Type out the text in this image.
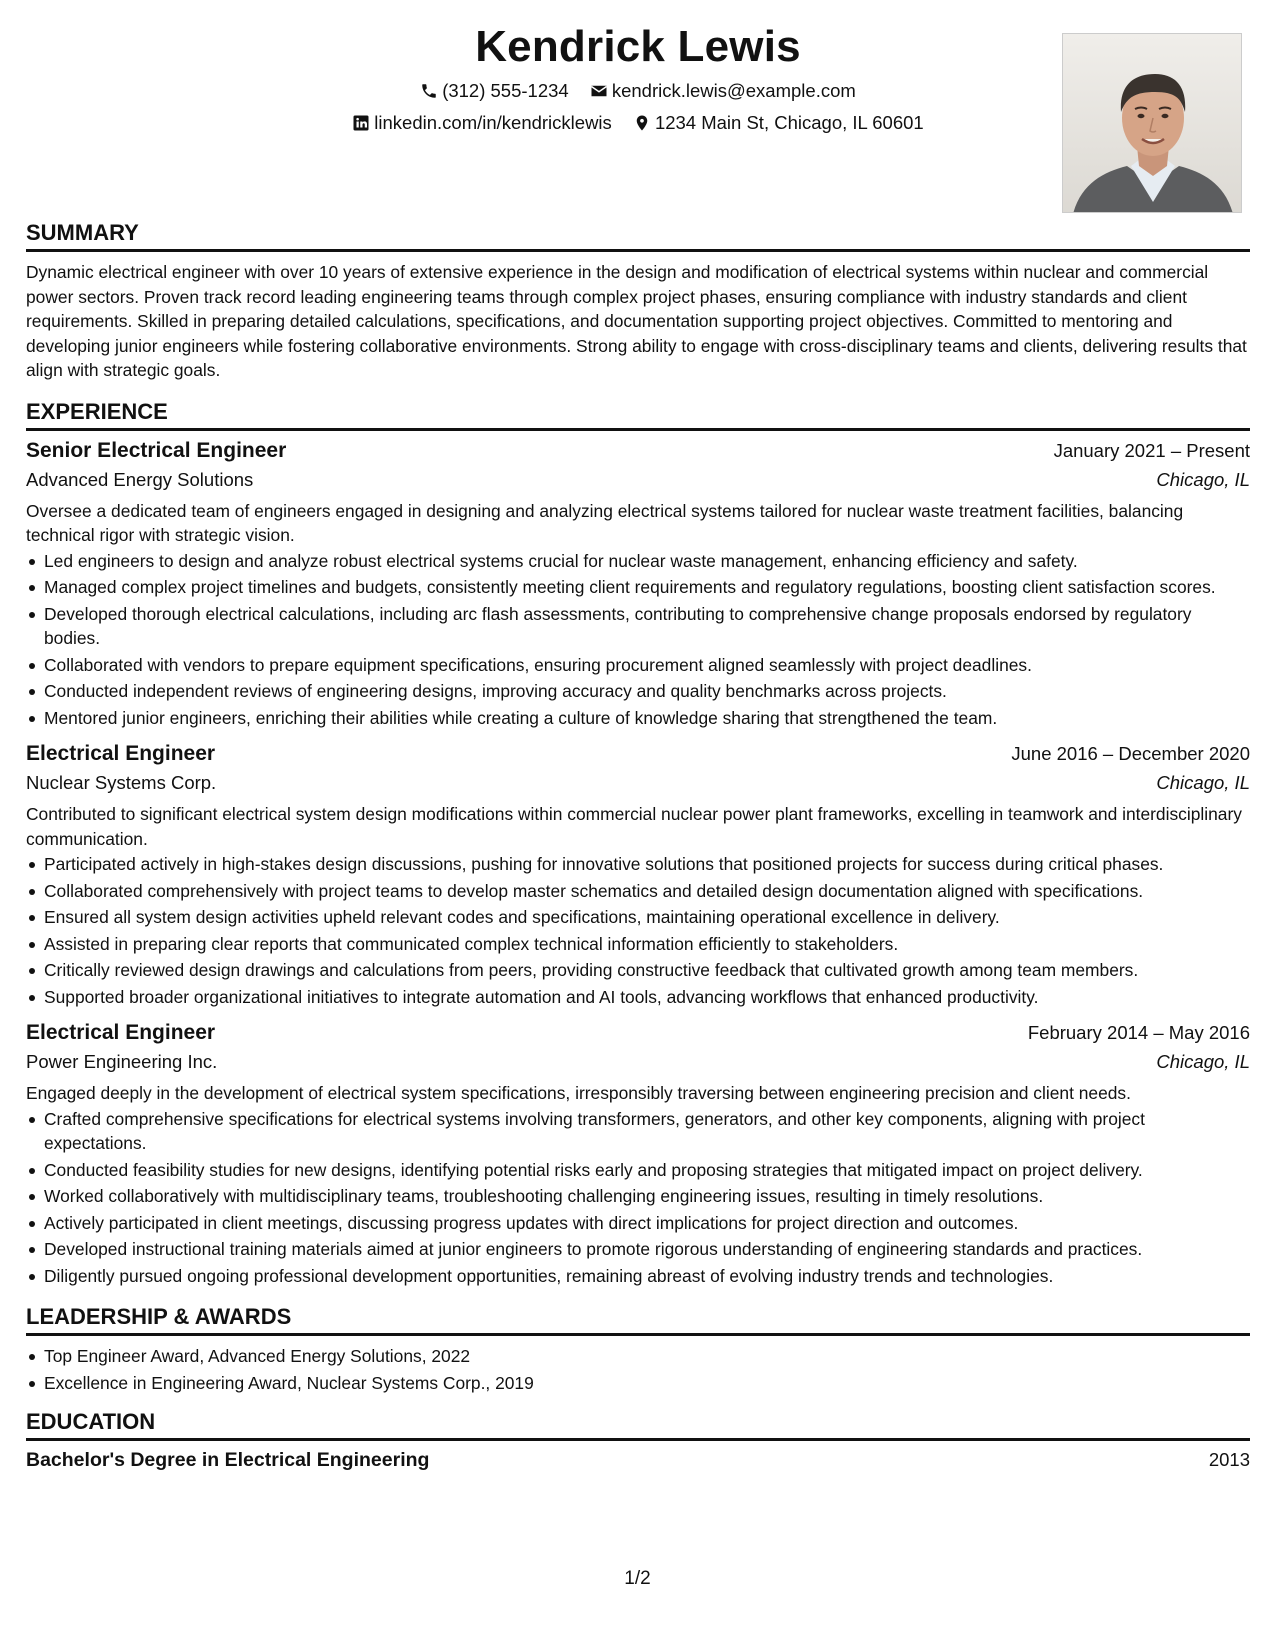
Kendrick Lewis
(312) 555-1234
kendrick.lewis@example.com
linkedin.com/in/kendricklewis
1234 Main St, Chicago, IL 60601
SUMMARY

Dynamic electrical engineer with over 10 years of extensive experience in the design and modification of electrical systems within nuclear and commercial power sectors. Proven track record leading engineering teams through complex project phases, ensuring compliance with industry standards and client requirements. Skilled in preparing detailed calculations, specifications, and documentation supporting project objectives. Committed to mentoring and developing junior engineers while fostering collaborative environments. Strong ability to engage with cross-disciplinary teams and clients, delivering results that align with strategic goals.

EXPERIENCE
Senior Electrical Engineer	January 2021 – Present
Advanced Energy Solutions	Chicago, IL

Oversee a dedicated team of engineers engaged in designing and analyzing electrical systems tailored for nuclear waste treatment facilities, balancing technical rigor with strategic vision.

Led engineers to design and analyze robust electrical systems crucial for nuclear waste management, enhancing efficiency and safety.
Managed complex project timelines and budgets, consistently meeting client requirements and regulatory regulations, boosting client satisfaction scores.
Developed thorough electrical calculations, including arc flash assessments, contributing to comprehensive change proposals endorsed by regulatory bodies.
Collaborated with vendors to prepare equipment specifications, ensuring procurement aligned seamlessly with project deadlines.
Conducted independent reviews of engineering designs, improving accuracy and quality benchmarks across projects.
Mentored junior engineers, enriching their abilities while creating a culture of knowledge sharing that strengthened the team.
Electrical Engineer	June 2016 – December 2020
Nuclear Systems Corp.	Chicago, IL

Contributed to significant electrical system design modifications within commercial nuclear power plant frameworks, excelling in teamwork and interdisciplinary communication.

Participated actively in high-stakes design discussions, pushing for innovative solutions that positioned projects for success during critical phases.
Collaborated comprehensively with project teams to develop master schematics and detailed design documentation aligned with specifications.
Ensured all system design activities upheld relevant codes and specifications, maintaining operational excellence in delivery.
Assisted in preparing clear reports that communicated complex technical information efficiently to stakeholders.
Critically reviewed design drawings and calculations from peers, providing constructive feedback that cultivated growth among team members.
Supported broader organizational initiatives to integrate automation and AI tools, advancing workflows that enhanced productivity.
Electrical Engineer	February 2014 – May 2016
Power Engineering Inc.	Chicago, IL

Engaged deeply in the development of electrical system specifications, irresponsibly traversing between engineering precision and client needs.

Crafted comprehensive specifications for electrical systems involving transformers, generators, and other key components, aligning with project expectations.
Conducted feasibility studies for new designs, identifying potential risks early and proposing strategies that mitigated impact on project delivery.
Worked collaboratively with multidisciplinary teams, troubleshooting challenging engineering issues, resulting in timely resolutions.
Actively participated in client meetings, discussing progress updates with direct implications for project direction and outcomes.
Developed instructional training materials aimed at junior engineers to promote rigorous understanding of engineering standards and practices.
Diligently pursued ongoing professional development opportunities, remaining abreast of evolving industry trends and technologies.
LEADERSHIP & AWARDS
Top Engineer Award, Advanced Energy Solutions, 2022
Excellence in Engineering Award, Nuclear Systems Corp., 2019
EDUCATION
Bachelor's Degree in Electrical Engineering	2013
1/2
